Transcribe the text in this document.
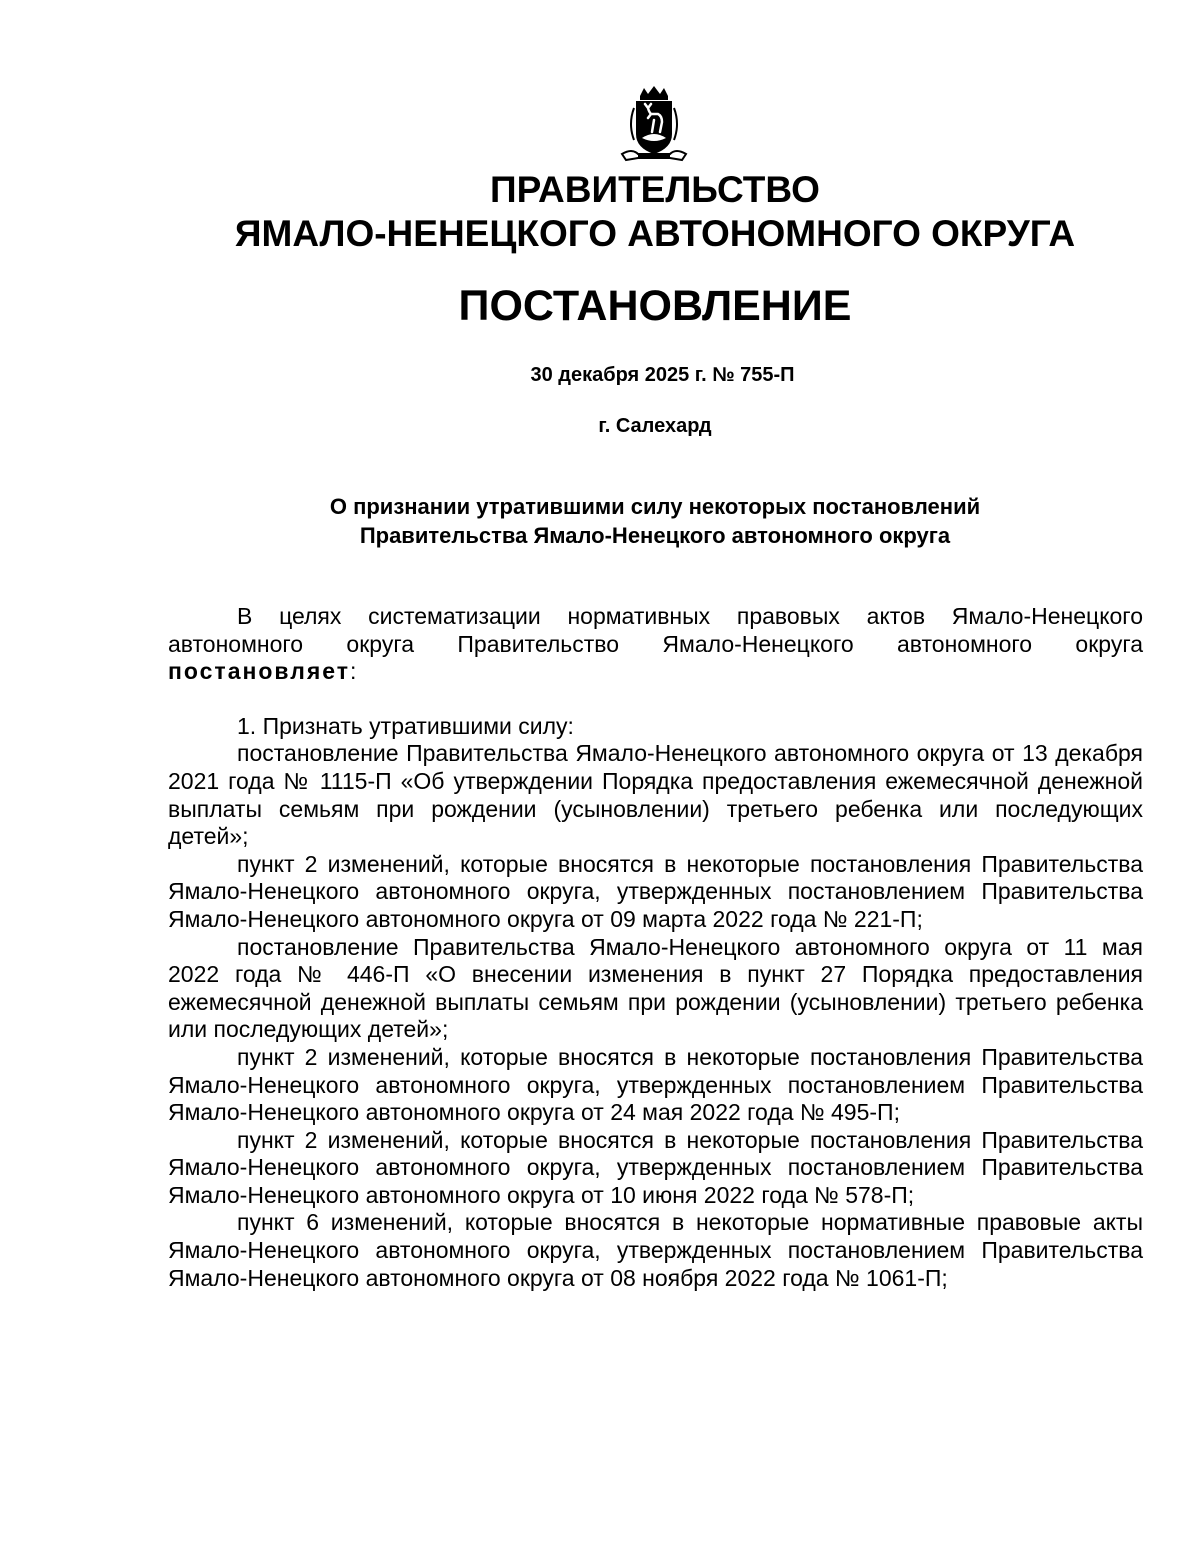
ПРАВИТЕЛЬСТВО
ЯМАЛО-НЕНЕЦКОГО АВТОНОМНОГО ОКРУГА
ПОСТАНОВЛЕНИЕ
30 декабря 2025 г. № 755-П
г. Салехард
О признании утратившими силу некоторых постановлений
Правительства Ямало-Ненецкого автономного округа

В целях систематизации нормативных правовых актов Ямало-Ненецкого автономного округа Правительство Ямало-Ненецкого автономного округа постановляет:

1. Признать утратившими силу:

постановление Правительства Ямало-Ненецкого автономного округа от 13 декабря 2021 года № 1115-П «Об утверждении Порядка предоставления ежемесячной денежной выплаты семьям при рождении (усыновлении) третьего ребенка или последующих детей»;

пункт 2 изменений, которые вносятся в некоторые постановления Правительства Ямало-Ненецкого автономного округа, утвержденных постановлением Правительства Ямало-Ненецкого автономного округа от 09 марта 2022 года № 221-П;

постановление Правительства Ямало-Ненецкого автономного округа от 11 мая 2022 года № 446-П «О внесении изменения в пункт 27 Порядка предоставления ежемесячной денежной выплаты семьям при рождении (усыновлении) третьего ребенка или последующих детей»;

пункт 2 изменений, которые вносятся в некоторые постановления Правительства Ямало-Ненецкого автономного округа, утвержденных постановлением Правительства Ямало-Ненецкого автономного округа от 24 мая 2022 года № 495-П;

пункт 2 изменений, которые вносятся в некоторые постановления Правительства Ямало-Ненецкого автономного округа, утвержденных постановлением Правительства Ямало-Ненецкого автономного округа от 10 июня 2022 года № 578-П;

пункт 6 изменений, которые вносятся в некоторые нормативные правовые акты Ямало-Ненецкого автономного округа, утвержденных постановлением Правительства Ямало-Ненецкого автономного округа от 08 ноября 2022 года № 1061-П;
